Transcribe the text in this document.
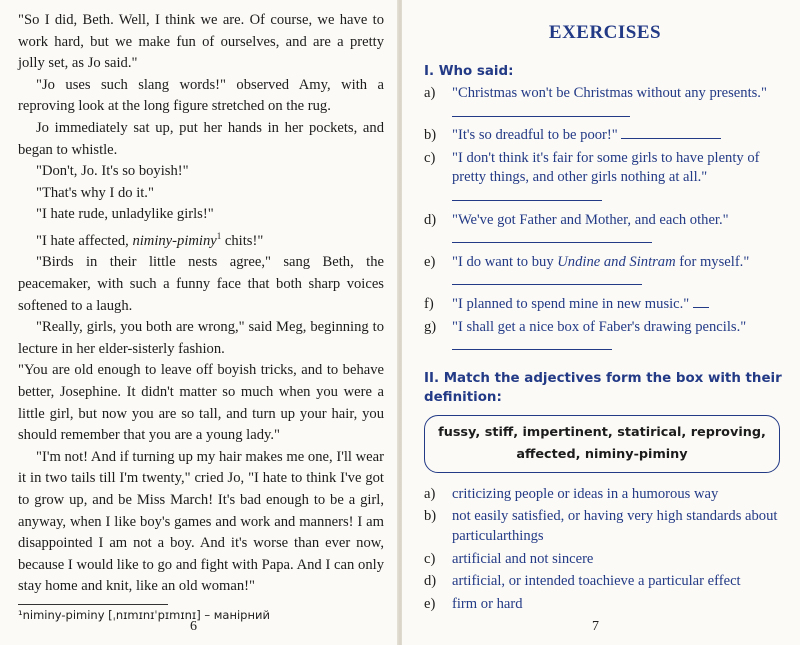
"So I did, Beth. Well, I think we are. Of course, we have to work hard, but we make fun of ourselves, and are a pretty jolly set, as Jo said."

"Jo uses such slang words!" observed Amy, with a reproving look at the long figure stretched on the rug.

Jo immediately sat up, put her hands in her pockets, and began to whistle.

"Don't, Jo. It's so boyish!"

"That's why I do it."

"I hate rude, unladylike girls!"

"I hate affected, niminy-piminy$^1$ chits!"

"Birds in their little nests agree," sang Beth, the peacemaker, with such a funny face that both sharp voices softened to a laugh.

"Really, girls, you both are wrong," said Meg, beginning to lecture in her elder-sisterly fashion.

"You are old enough to leave off boyish tricks, and to behave better, Josephine. It didn't matter so much when you were a little girl, but now you are so tall, and turn up your hair, you should remember that you are a young lady."

"I'm not! And if turning up my hair makes me one, I'll wear it in two tails till I'm twenty," cried Jo, "I hate to think I've got to grow up, and be Miss March! It's bad enough to be a girl, anyway, when I like boy's games and work and manners! I am disappointed I am not a boy. And it's worse than ever now, because I would like to go and fight with Papa. And I can only stay home and knit, like an old woman!"

¹niminy-piminy [ˌnɪmɪnɪˈpɪmɪnɪ] – манірний
6
EXERCISES
I. Who said:
a)	"Christmas won't be Christmas without any presents."
b)	"It's so dreadful to be poor!"
c)	"I don't think it's fair for some girls to have plenty of pretty things, and other girls nothing at all."
d)	"We've got Father and Mother, and each other."
e)	"I do want to buy Undine and Sintram for myself."
f)	"I planned to spend mine in new music."
g)	"I shall get a nice box of Faber's drawing pencils."
II. Match the adjectives form the box with their definition:
fussy, stiff, impertinent, statirical, reproving, affected, niminy-piminy
a)	criticizing people or ideas in a humorous way
b)	not easily satisfied, or having very high standards about particularthings
c)	artificial and not sincere
d)	artificial, or intended toachieve a particular effect
e)	firm or hard
7
